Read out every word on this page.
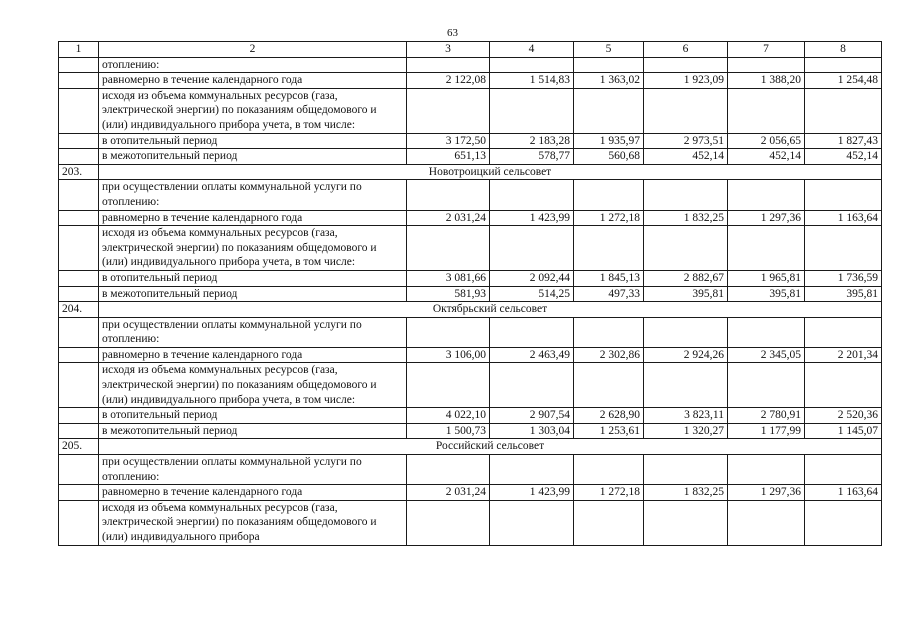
63
1	2	3	4	5	6	7	8
	отоплению:						
	равномерно в течение календарного года	2 122,08	1 514,83	1 363,02	1 923,09	1 388,20	1 254,48
	исходя из объема коммунальных ресурсов (газа, электрической энергии) по показаниям общедомового и (или) индивидуального прибора учета, в том числе:						
	в отопительный период	3 172,50	2 183,28	1 935,97	2 973,51	2 056,65	1 827,43
	в межотопительный период	651,13	578,77	560,68	452,14	452,14	452,14
203.	Новотроицкий сельсовет						
	при осуществлении оплаты коммунальной услуги по отоплению:						
	равномерно в течение календарного года	2 031,24	1 423,99	1 272,18	1 832,25	1 297,36	1 163,64
	исходя из объема коммунальных ресурсов (газа, электрической энергии) по показаниям общедомового и (или) индивидуального прибора учета, в том числе:						
	в отопительный период	3 081,66	2 092,44	1 845,13	2 882,67	1 965,81	1 736,59
	в межотопительный период	581,93	514,25	497,33	395,81	395,81	395,81
204.	Октябрьский сельсовет						
	при осуществлении оплаты коммунальной услуги по отоплению:						
	равномерно в течение календарного года	3 106,00	2 463,49	2 302,86	2 924,26	2 345,05	2 201,34
	исходя из объема коммунальных ресурсов (газа, электрической энергии) по показаниям общедомового и (или) индивидуального прибора учета, в том числе:						
	в отопительный период	4 022,10	2 907,54	2 628,90	3 823,11	2 780,91	2 520,36
	в межотопительный период	1 500,73	1 303,04	1 253,61	1 320,27	1 177,99	1 145,07
205.	Российский сельсовет						
	при осуществлении оплаты коммунальной услуги по отоплению:						
	равномерно в течение календарного года	2 031,24	1 423,99	1 272,18	1 832,25	1 297,36	1 163,64
	исходя из объема коммунальных ресурсов (газа, электрической энергии) по показаниям общедомового и (или) индивидуального прибора						
